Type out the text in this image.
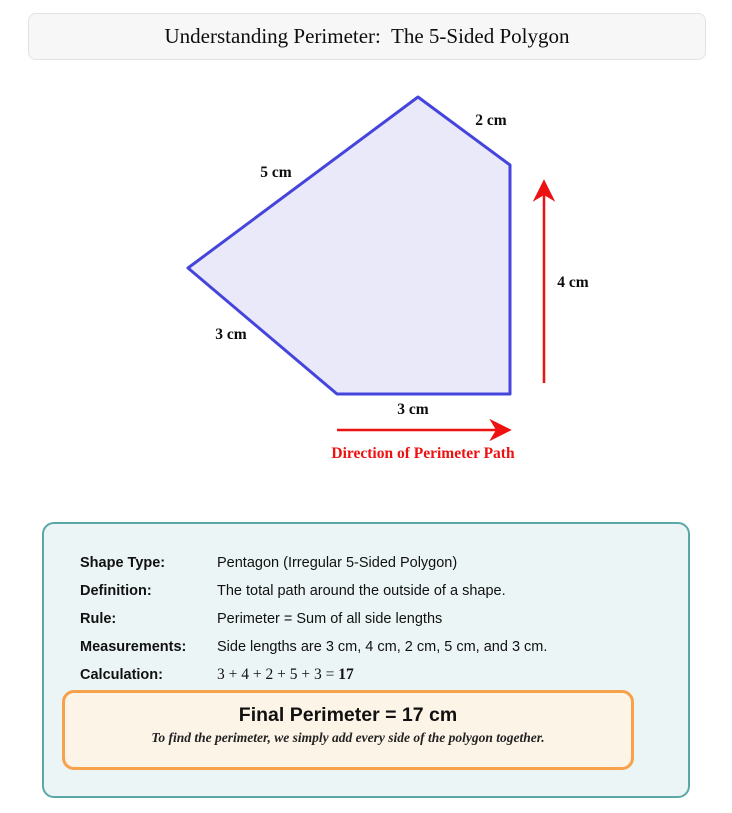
Understanding Perimeter:  The 5-Sided Polygon
2 cm
5 cm
4 cm
3 cm
3 cm
Direction of Perimeter Path
Shape Type:	Pentagon (Irregular 5-Sided Polygon)
Definition:	The total path around the outside of a shape.
Rule:	Perimeter = Sum of all side lengths
Measurements:	Side lengths are 3 cm, 4 cm, 2 cm, 5 cm, and 3 cm.
Calculation:	3 + 4 + 2 + 5 + 3 = 17
Final Perimeter = 17 cm
To find the perimeter, we simply add every side of the polygon together.
